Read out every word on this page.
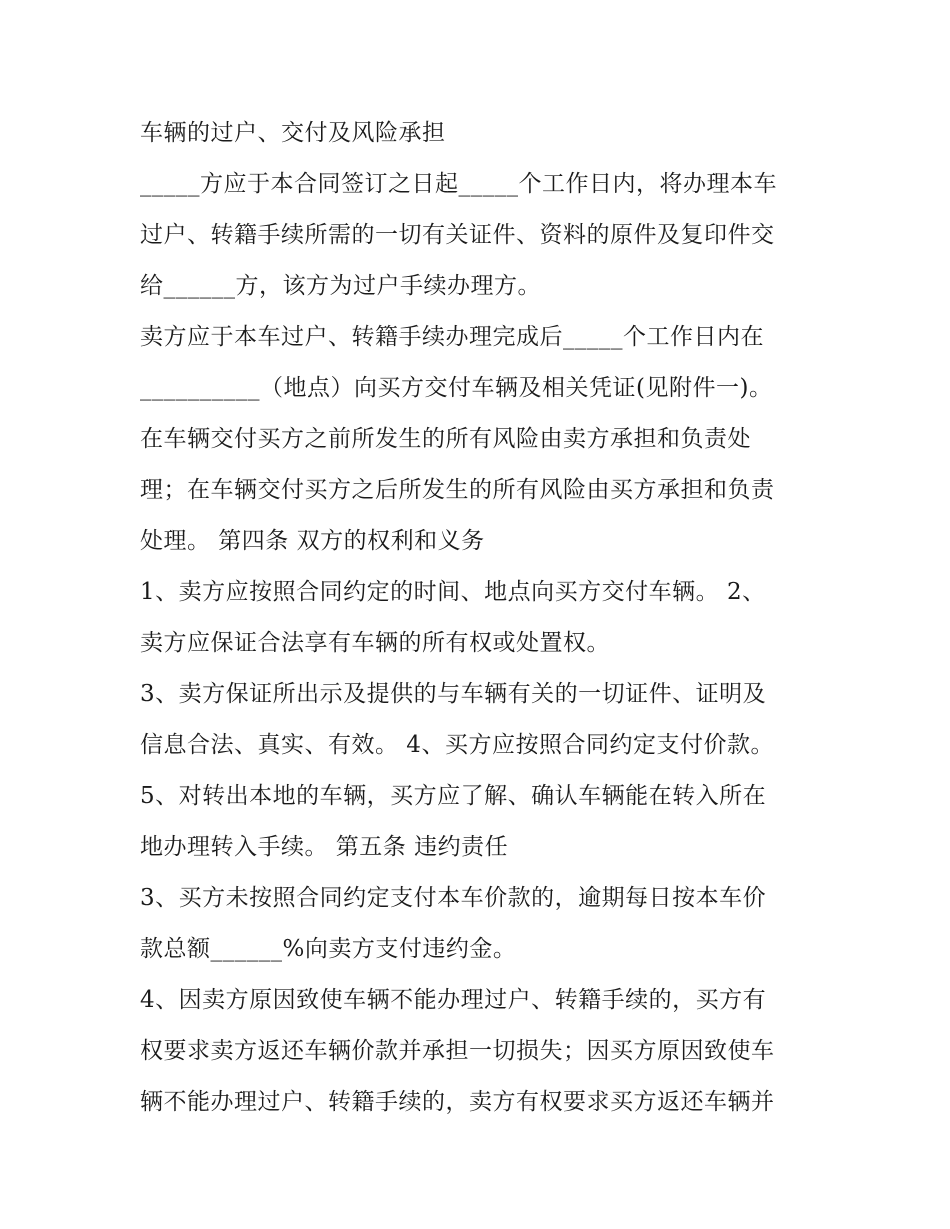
车辆的过户、交付及风险承担

_____方应于本合同签订之日起_____个工作日内，将办理本车

过户、转籍手续所需的一切有关证件、资料的原件及复印件交

给______方，该方为过户手续办理方。

卖方应于本车过户、转籍手续办理完成后_____个工作日内在

__________（地点）向买方交付车辆及相关凭证(见附件一)。

在车辆交付买方之前所发生的所有风险由卖方承担和负责处

理；在车辆交付买方之后所发生的所有风险由买方承担和负责

处理。 第四条 双方的权利和义务

1、卖方应按照合同约定的时间、地点向买方交付车辆。 2、

卖方应保证合法享有车辆的所有权或处置权。

3、卖方保证所出示及提供的与车辆有关的一切证件、证明及

信息合法、真实、有效。 4、买方应按照合同约定支付价款。

5、对转出本地的车辆，买方应了解、确认车辆能在转入所在

地办理转入手续。 第五条 违约责任

3、买方未按照合同约定支付本车价款的，逾期每日按本车价

款总额______%向卖方支付违约金。

4、因卖方原因致使车辆不能办理过户、转籍手续的，买方有

权要求卖方返还车辆价款并承担一切损失；因买方原因致使车

辆不能办理过户、转籍手续的，卖方有权要求买方返还车辆并
